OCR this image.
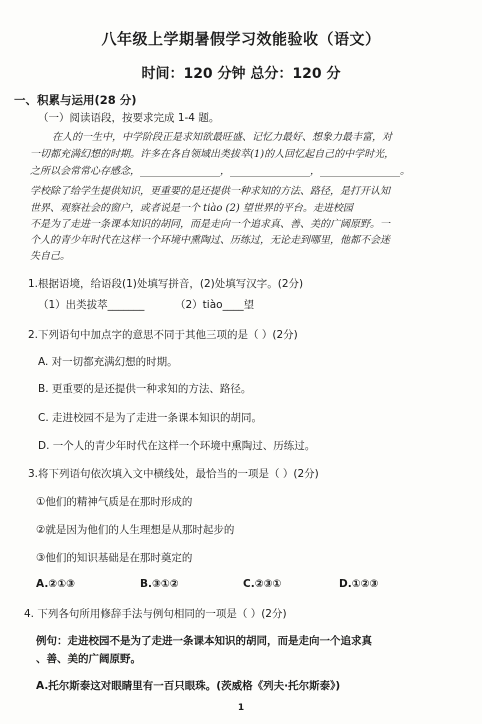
八年级上学期暑假学习效能验收（语文）
时间：120 分钟 总分：120 分
一、积累与运用(28 分)
（一）阅读语段，按要求完成 1-4 题。
在人的一生中，中学阶段正是求知欲最旺盛、记忆力最好、想象力最丰富，对
一切都充满幻想的时期。许多在各自领域出类拔萃(1)的人回忆起自己的中学时光，
之所以会常常心存感念，________________，________________，________________。
学校除了给学生提供知识，更重要的是还提供一种求知的方法、路径，是打开认知
世界、观察社会的窗户，或者说是一个 tiào (2) 望世界的平台。走进校园
不是为了走进一条课本知识的胡同，而是走向一个追求真、善、美的广阔原野。一
个人的青少年时代在这样一个环境中熏陶过、历练过，无论走到哪里，他都不会迷
失自己。
1.根据语境，给语段(1)处填写拼音，(2)处填写汉字。(2分)
（1）出类拔萃_______	（2）tiào____望
2.下列语句中加点字的意思不同于其他三项的是（ ）(2分)
A. 对一切都充满幻想的时期。
B. 更重要的是还提供一种求知的方法、路径。
C. 走进校园不是为了走进一条课本知识的胡同。
D. 一个人的青少年时代在这样一个环境中熏陶过、历练过。
3.将下列语句依次填入文中横线处，最恰当的一项是（ ）(2分)
①他们的精神气质是在那时形成的
②就是因为他们的人生理想是从那时起步的
③他们的知识基础是在那时奠定的
A.②①③	B.③①②	C.②③①	D.①②③
4. 下列各句所用修辞手法与例句相同的一项是（ ）(2分)
例句：走进校园不是为了走进一条课本知识的胡同，而是走向一个追求真
、善、美的广阔原野。
A.托尔斯泰这对眼睛里有一百只眼珠。(茨威格《列夫·托尔斯泰》)
1
